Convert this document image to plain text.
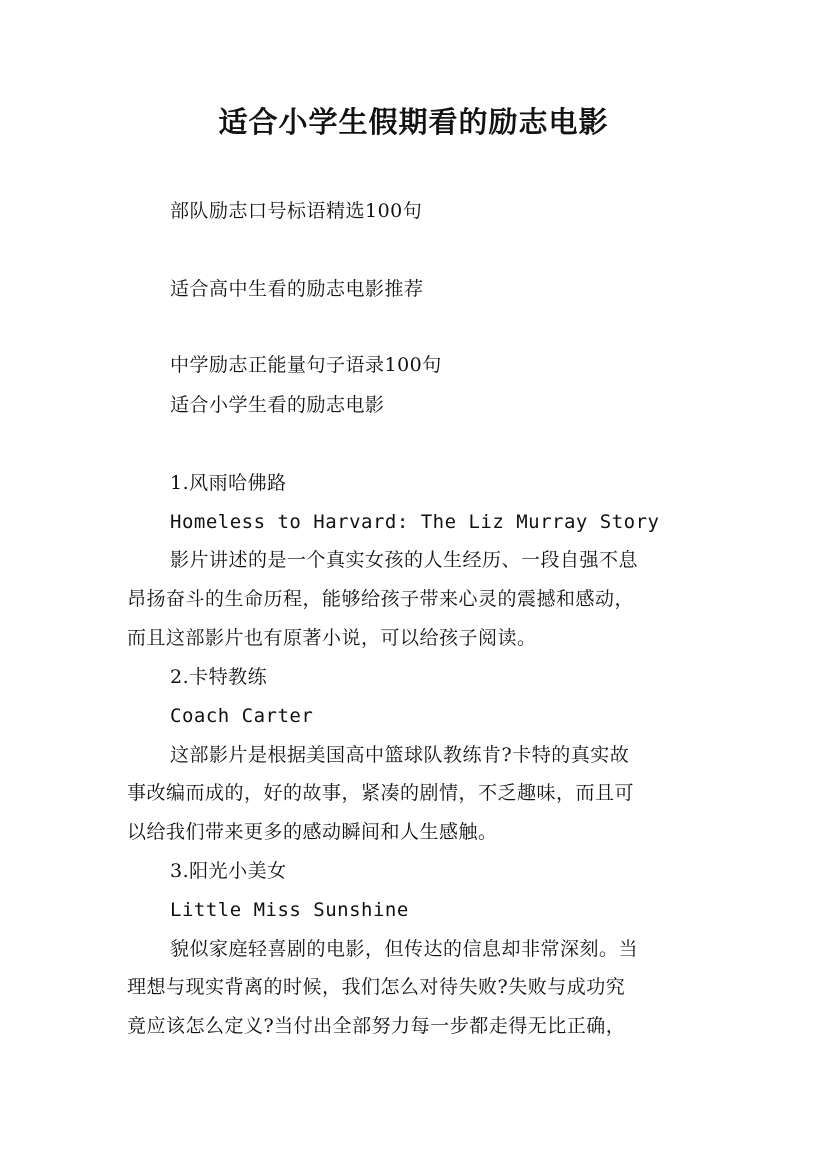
适合小学生假期看的励志电影
部队励志口号标语精选100句
适合高中生看的励志电影推荐
中学励志正能量句子语录100句
适合小学生看的励志电影
1.风雨哈佛路
Homeless to Harvard: The Liz Murray Story
影片讲述的是一个真实女孩的人生经历、一段自强不息
昂扬奋斗的生命历程，能够给孩子带来心灵的震撼和感动，
而且这部影片也有原著小说，可以给孩子阅读。
2.卡特教练
Coach Carter
这部影片是根据美国高中篮球队教练肯?卡特的真实故
事改编而成的，好的故事，紧凑的剧情，不乏趣味，而且可
以给我们带来更多的感动瞬间和人生感触。
3.阳光小美女
Little Miss Sunshine
貌似家庭轻喜剧的电影，但传达的信息却非常深刻。当
理想与现实背离的时候，我们怎么对待失败?失败与成功究
竟应该怎么定义?当付出全部努力每一步都走得无比正确，
